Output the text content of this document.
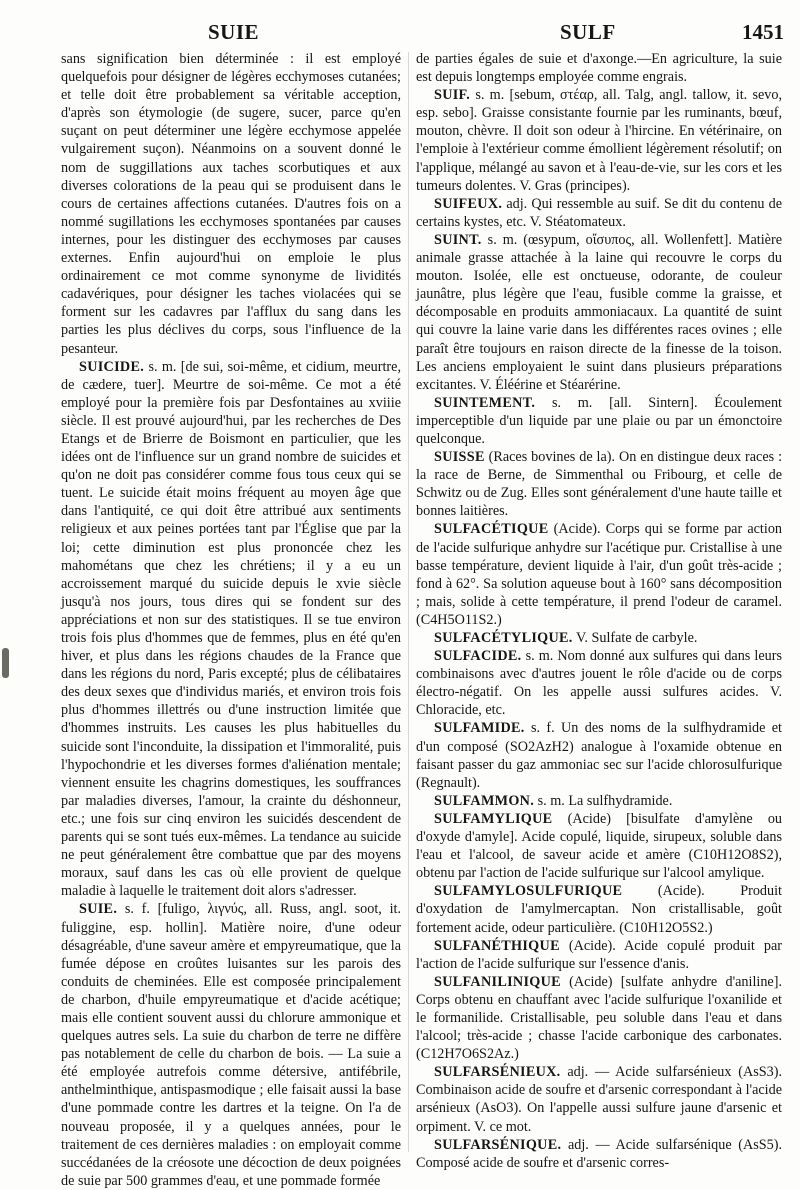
SUIE	SULF	1451

sans signification bien déterminée : il est employé quelquefois pour désigner de légères ecchymoses cutanées; et telle doit être probablement sa véritable acception, d'après son étymologie (de sugere, sucer, parce qu'en suçant on peut déterminer une légère ecchymose appelée vulgairement suçon). Néanmoins on a souvent donné le nom de suggillations aux taches scorbutiques et aux diverses colorations de la peau qui se produisent dans le cours de certaines affections cutanées. D'autres fois on a nommé sugillations les ecchymoses spontanées par causes internes, pour les distinguer des ecchymoses par causes externes. Enfin aujourd'hui on emploie le plus ordinairement ce mot comme synonyme de lividités cadavériques, pour désigner les taches violacées qui se forment sur les cadavres par l'afflux du sang dans les parties les plus déclives du corps, sous l'influence de la pesanteur.

SUICIDE. s. m. [de sui, soi-même, et cidium, meurtre, de cædere, tuer]. Meurtre de soi-même. Ce mot a été employé pour la première fois par Desfontaines au xviiie siècle. Il est prouvé aujourd'hui, par les recherches de Des Etangs et de Brierre de Boismont en particulier, que les idées ont de l'influence sur un grand nombre de suicides et qu'on ne doit pas considérer comme fous tous ceux qui se tuent. Le suicide était moins fréquent au moyen âge que dans l'antiquité, ce qui doit être attribué aux sentiments religieux et aux peines portées tant par l'Église que par la loi; cette diminution est plus prononcée chez les mahométans que chez les chrétiens; il y a eu un accroissement marqué du suicide depuis le xvie siècle jusqu'à nos jours, tous dires qui se fondent sur des appréciations et non sur des statistiques. Il se tue environ trois fois plus d'hommes que de femmes, plus en été qu'en hiver, et plus dans les régions chaudes de la France que dans les régions du nord, Paris excepté; plus de célibataires des deux sexes que d'individus mariés, et environ trois fois plus d'hommes illettrés ou d'une instruction limitée que d'hommes instruits. Les causes les plus habituelles du suicide sont l'inconduite, la dissipation et l'immoralité, puis l'hypochondrie et les diverses formes d'aliénation mentale; viennent ensuite les chagrins domestiques, les souffrances par maladies diverses, l'amour, la crainte du déshonneur, etc.; une fois sur cinq environ les suicidés descendent de parents qui se sont tués eux-mêmes. La tendance au suicide ne peut généralement être combattue que par des moyens moraux, sauf dans les cas où elle provient de quelque maladie à laquelle le traitement doit alors s'adresser.

SUIE. s. f. [fuligo, λιγνύς, all. Russ, angl. soot, it. fuliggine, esp. hollin]. Matière noire, d'une odeur désagréable, d'une saveur amère et empyreumatique, que la fumée dépose en croûtes luisantes sur les parois des conduits de cheminées. Elle est composée principalement de charbon, d'huile empyreumatique et d'acide acétique; mais elle contient souvent aussi du chlorure ammonique et quelques autres sels. La suie du charbon de terre ne diffère pas notablement de celle du charbon de bois. — La suie a été employée autrefois comme détersive, antifébrile, anthelminthique, antispasmodique ; elle faisait aussi la base d'une pommade contre les dartres et la teigne. On l'a de nouveau proposée, il y a quelques années, pour le traitement de ces dernières maladies : on employait comme succédanées de la créosote une décoction de deux poignées de suie par 500 grammes d'eau, et une pommade formée

de parties égales de suie et d'axonge.—En agriculture, la suie est depuis longtemps employée comme engrais.

SUIF. s. m. [sebum, στέαρ, all. Talg, angl. tallow, it. sevo, esp. sebo]. Graisse consistante fournie par les ruminants, bœuf, mouton, chèvre. Il doit son odeur à l'hircine. En vétérinaire, on l'emploie à l'extérieur comme émollient légèrement résolutif; on l'applique, mélangé au savon et à l'eau-de-vie, sur les cors et les tumeurs dolentes. V. Gras (principes).

SUIFEUX. adj. Qui ressemble au suif. Se dit du contenu de certains kystes, etc. V. Stéatomateux.

SUINT. s. m. (œsypum, οἴσυπος, all. Wollenfett]. Matière animale grasse attachée à la laine qui recouvre le corps du mouton. Isolée, elle est onctueuse, odorante, de couleur jaunâtre, plus légère que l'eau, fusible comme la graisse, et décomposable en produits ammoniacaux. La quantité de suint qui couvre la laine varie dans les différentes races ovines ; elle paraît être toujours en raison directe de la finesse de la toison. Les anciens employaient le suint dans plusieurs préparations excitantes. V. Éléérine et Stéarérine.

SUINTEMENT. s. m. [all. Sintern]. Écoulement imperceptible d'un liquide par une plaie ou par un émonctoire quelconque.

SUISSE (Races bovines de la). On en distingue deux races : la race de Berne, de Simmenthal ou Fribourg, et celle de Schwitz ou de Zug. Elles sont généralement d'une haute taille et bonnes laitières.

SULFACÉTIQUE (Acide). Corps qui se forme par action de l'acide sulfurique anhydre sur l'acétique pur. Cristallise à une basse température, devient liquide à l'air, d'un goût très-acide ; fond à 62°. Sa solution aqueuse bout à 160° sans décomposition ; mais, solide à cette température, il prend l'odeur de caramel. (C4H5O11S2.)

SULFACÉTYLIQUE. V. Sulfate de carbyle.

SULFACIDE. s. m. Nom donné aux sulfures qui dans leurs combinaisons avec d'autres jouent le rôle d'acide ou de corps électro-négatif. On les appelle aussi sulfures acides. V. Chloracide, etc.

SULFAMIDE. s. f. Un des noms de la sulfhydramide et d'un composé (SO2AzH2) analogue à l'oxamide obtenue en faisant passer du gaz ammoniac sec sur l'acide chlorosulfurique (Regnault).

SULFAMMON. s. m. La sulfhydramide.

SULFAMYLIQUE (Acide) [bisulfate d'amylène ou d'oxyde d'amyle]. Acide copulé, liquide, sirupeux, soluble dans l'eau et l'alcool, de saveur acide et amère (C10H12O8S2), obtenu par l'action de l'acide sulfurique sur l'alcool amylique.

SULFAMYLOSULFURIQUE	(Acide). Produit d'oxydation de l'amylmercaptan. Non cristallisable, goût fortement acide, odeur particulière. (C10H12O5S2.)

SULFANÉTHIQUE (Acide). Acide copulé produit par l'action de l'acide sulfurique sur l'essence d'anis.

SULFANILINIQUE (Acide) [sulfate anhydre d'aniline]. Corps obtenu en chauffant avec l'acide sulfurique l'oxanilide et le formanilide. Cristallisable, peu soluble dans l'eau et dans l'alcool; très-acide ; chasse l'acide carbonique des carbonates. (C12H7O6S2Az.)

SULFARSÉNIEUX. adj. — Acide sulfarsénieux (AsS3). Combinaison acide de soufre et d'arsenic correspondant à l'acide arsénieux (AsO3). On l'appelle aussi sulfure jaune d'arsenic et orpiment. V. ce mot.

SULFARSÉNIQUE. adj. — Acide sulfarsénique (AsS5). Composé acide de soufre et d'arsenic corres-
